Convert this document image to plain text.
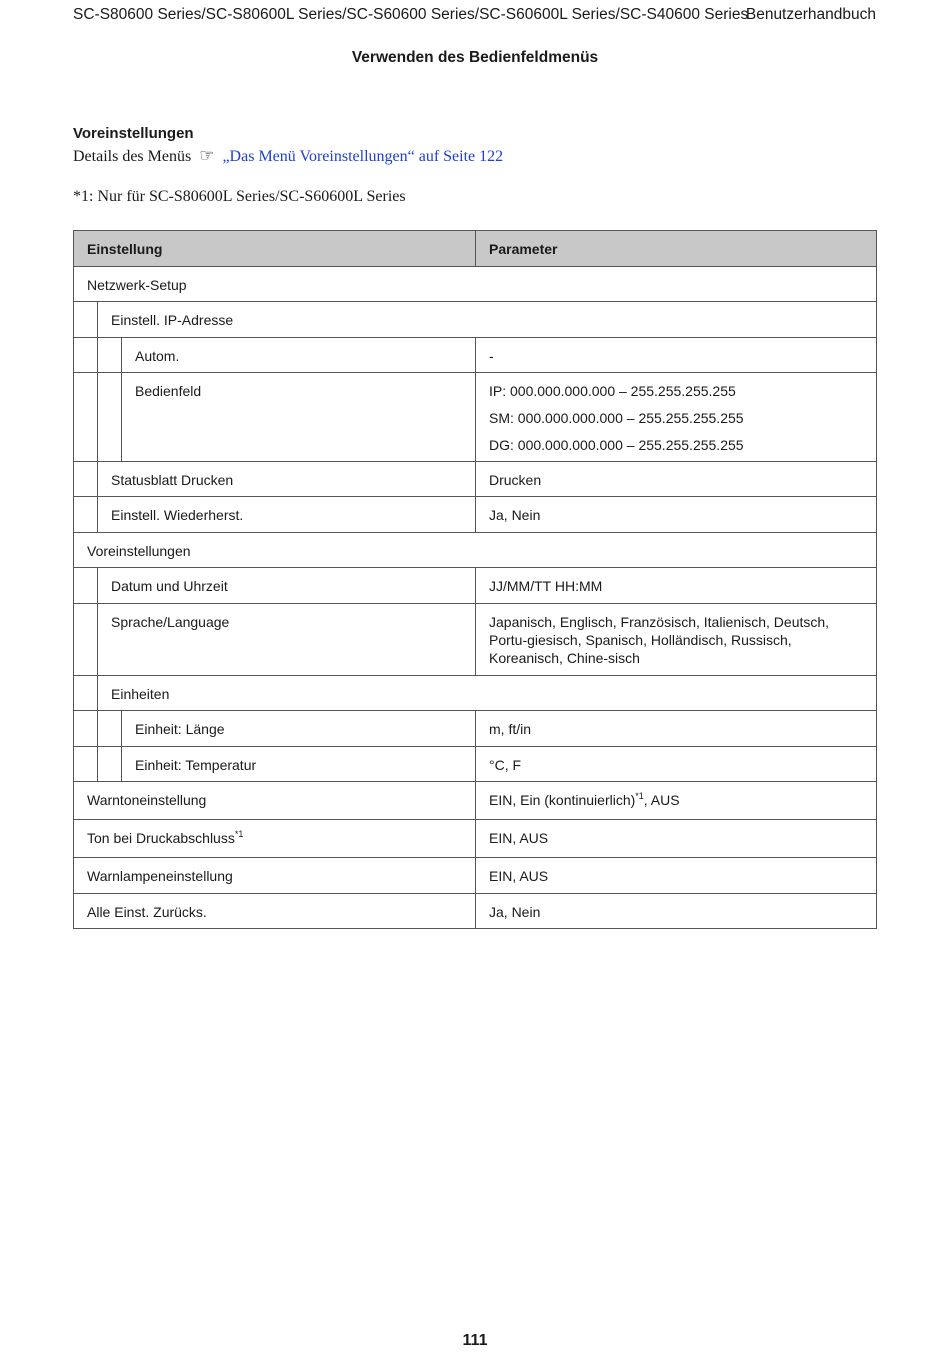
SC-S80600 Series/SC-S80600L Series/SC-S60600 Series/SC-S60600L Series/SC-S40600 Series
Benutzerhandbuch
Verwenden des Bedienfeldmenüs
Voreinstellungen
Details des Menüs ☞ „Das Menü Voreinstellungen“ auf Seite 122
*1: Nur für SC-S80600L Series/SC-S60600L Series
Einstellung	Parameter
Netzwerk-Setup
Einstell. IP-Adresse
Autom.	-
Bedienfeld	IP: 000.000.000.000 – 255.255.255.255
SM: 000.000.000.000 – 255.255.255.255
DG: 000.000.000.000 – 255.255.255.255
Statusblatt Drucken	Drucken
Einstell. Wiederherst.	Ja, Nein
Voreinstellungen
Datum und Uhrzeit	JJ/MM/TT HH:MM
Sprache/Language	Japanisch, Englisch, Französisch, Italienisch, Deutsch, Portu-giesisch, Spanisch, Holländisch, Russisch, Koreanisch, Chine-sisch
Einheiten
Einheit: Länge	m, ft/in
Einheit: Temperatur	°C, F
Warntoneinstellung	EIN, Ein (kontinuierlich)$^{*1}$, AUS
Ton bei Druckabschluss$^{*1}$	EIN, AUS
Warnlampeneinstellung	EIN, AUS
Alle Einst. Zurücks.	Ja, Nein
111
